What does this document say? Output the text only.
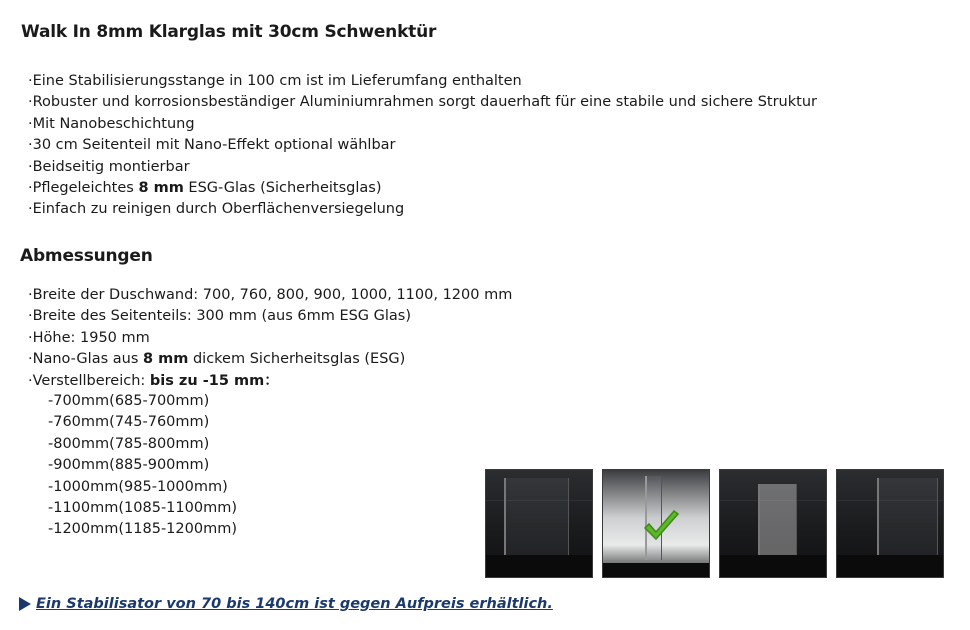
Walk In 8mm Klarglas mit 30cm Schwenktür
· Eine Stabilisierungsstange in 100 cm ist im Lieferumfang enthalten
· Robuster und korrosionsbeständiger Aluminiumrahmen sorgt dauerhaft für eine stabile und sichere Struktur
· Mit Nanobeschichtung
· 30 cm Seitenteil mit Nano-Effekt optional wählbar
· Beidseitig montierbar
· Pflegeleichtes 8 mm ESG-Glas (Sicherheitsglas)
· Einfach zu reinigen durch Oberflächenversiegelung
Abmessungen
· Breite der Duschwand: 700, 760, 800, 900, 1000, 1100, 1200 mm
· Breite des Seitenteils: 300 mm (aus 6mm ESG Glas)
· Höhe: 1950 mm
· Nano-Glas aus 8 mm dickem Sicherheitsglas (ESG)
· Verstellbereich: bis zu -15 mm：
-700mm(685-700mm)
-760mm(745-760mm)
-800mm(785-800mm)
-900mm(885-900mm)
-1000mm(985-1000mm)
-1100mm(1085-1100mm)
-1200mm(1185-1200mm)
Ein Stabilisator von 70 bis 140cm ist gegen Aufpreis erhältlich.
